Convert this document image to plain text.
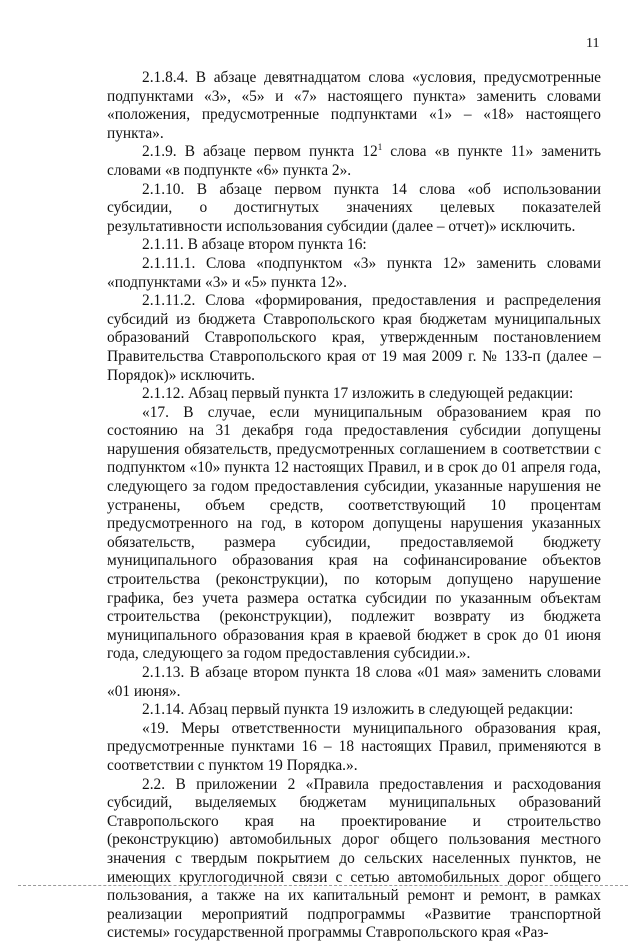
11

2.1.8.4. В абзаце девятнадцатом слова «условия, предусмотренные подпунктами «3», «5» и «7» настоящего пункта» заменить словами «положения, предусмотренные подпунктами «1» – «18» настоящего пункта».

2.1.9. В абзаце первом пункта $12^1$ слова «в пункте 11» заменить словами «в подпункте «6» пункта 2».

2.1.10. В абзаце первом пункта 14 слова «об использовании субсидии, о достигнутых значениях целевых показателей результативности использования субсидии (далее – отчет)» исключить.

2.1.11. В абзаце втором пункта 16:

2.1.11.1. Слова «подпунктом «3» пункта 12» заменить словами «подпунктами «3» и «5» пункта 12».

2.1.11.2. Слова «формирования, предоставления и распределения субсидий из бюджета Ставропольского края бюджетам муниципальных образований Ставропольского края, утвержденным постановлением Правительства Ставропольского края от 19 мая 2009 г. № 133-п (далее – Порядок)» исключить.

2.1.12. Абзац первый пункта 17 изложить в следующей редакции:

«17. В случае, если муниципальным образованием края по состоянию на 31 декабря года предоставления субсидии допущены нарушения обязательств, предусмотренных соглашением в соответствии с подпунктом «10» пункта 12 настоящих Правил, и в срок до 01 апреля года, следующего за годом предоставления субсидии, указанные нарушения не устранены, объем средств, соответствующий 10 процентам предусмотренного на год, в котором допущены нарушения указанных обязательств, размера субсидии, предоставляемой бюджету муниципального образования края на софинансирование объектов строительства (реконструкции), по которым допущено нарушение графика, без учета размера остатка субсидии по указанным объектам строительства (реконструкции), подлежит возврату из бюджета муниципального образования края в краевой бюджет в срок до 01 июня года, следующего за годом предоставления субсидии.».

2.1.13. В абзаце втором пункта 18 слова «01 мая» заменить словами «01 июня».

2.1.14. Абзац первый пункта 19 изложить в следующей редакции:

«19. Меры ответственности муниципального образования края, предусмотренные пунктами 16 – 18 настоящих Правил, применяются в соответствии с пунктом 19 Порядка.».

2.2. В приложении 2 «Правила предоставления и расходования субсидий, выделяемых бюджетам муниципальных образований Ставропольского края на проектирование и строительство (реконструкцию) автомобильных дорог общего пользования местного значения с твердым покрытием до сельских населенных пунктов, не имеющих круглогодичной связи с сетью автомобильных дорог общего пользования, а также на их капитальный ремонт и ремонт, в рамках реализации мероприятий подпрограммы «Развитие транспортной системы» государственной программы Ставропольского края «Раз-
